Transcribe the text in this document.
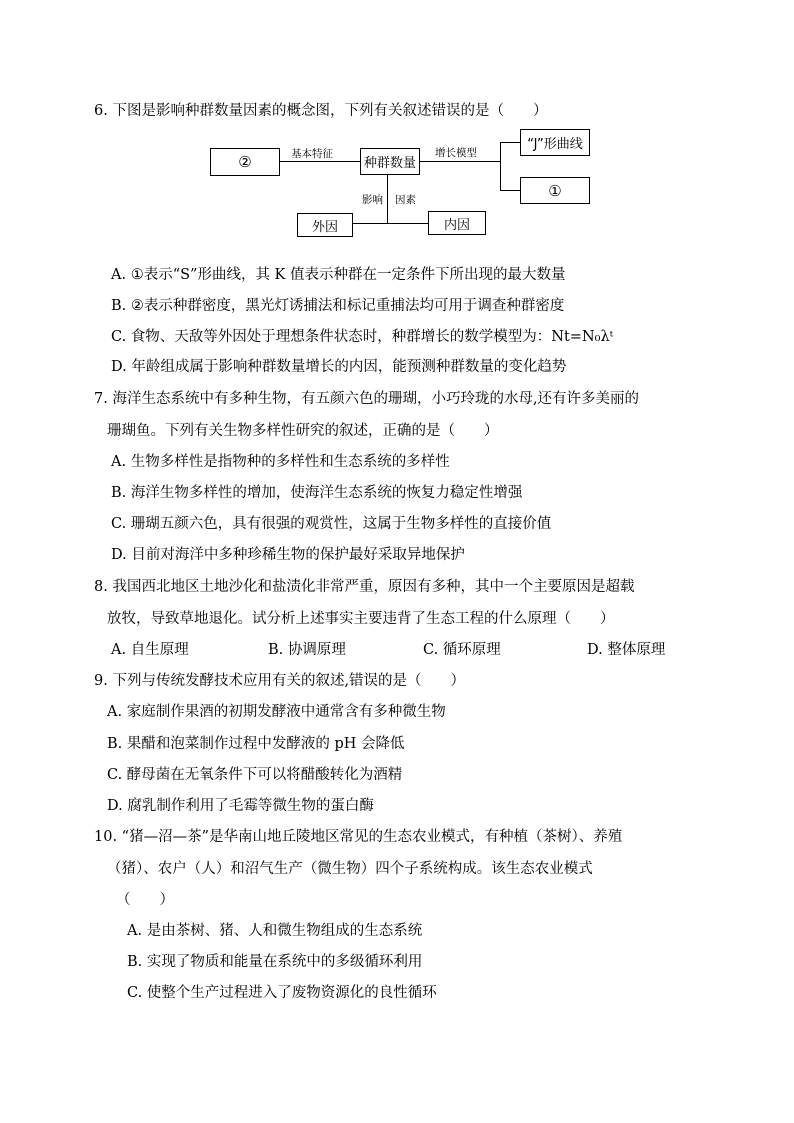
6. 下图是影响种群数量因素的概念图，下列有关叙述错误的是（　　）
②	种群数量
“J”形曲线
①
外因	内因
基本特征	增长模型
影响 因素
A. ①表示“S”形曲线，其 K 值表示种群在一定条件下所出现的最大数量
B. ②表示种群密度，黑光灯诱捕法和标记重捕法均可用于调查种群密度
C. 食物、天敌等外因处于理想条件状态时，种群增长的数学模型为：Nt=N₀λᵗ
D. 年龄组成属于影响种群数量增长的内因，能预测种群数量的变化趋势
7. 海洋生态系统中有多种生物，有五颜六色的珊瑚，小巧玲珑的水母,还有许多美丽的
珊瑚鱼。下列有关生物多样性研究的叙述，正确的是（　　）
A. 生物多样性是指物种的多样性和生态系统的多样性
B. 海洋生物多样性的增加，使海洋生态系统的恢复力稳定性增强
C. 珊瑚五颜六色，具有很强的观赏性，这属于生物多样性的直接价值
D. 目前对海洋中多种珍稀生物的保护最好采取异地保护
8. 我国西北地区土地沙化和盐渍化非常严重，原因有多种，其中一个主要原因是超载
放牧，导致草地退化。试分析上述事实主要违背了生态工程的什么原理（　　）
A. 自生原理	B. 协调原理	C. 循环原理	D. 整体原理
9. 下列与传统发酵技术应用有关的叙述,错误的是（　　）
A. 家庭制作果酒的初期发酵液中通常含有多种微生物
B. 果醋和泡菜制作过程中发酵液的 pH 会降低
C. 酵母菌在无氧条件下可以将醋酸转化为酒精
D. 腐乳制作利用了毛霉等微生物的蛋白酶
10. “猪—沼—茶”是华南山地丘陵地区常见的生态农业模式，有种植（茶树）、养殖
（猪）、农户（人）和沼气生产（微生物）四个子系统构成。该生态农业模式
（　　）
A. 是由茶树、猪、人和微生物组成的生态系统
B. 实现了物质和能量在系统中的多级循环利用
C. 使整个生产过程进入了废物资源化的良性循环
